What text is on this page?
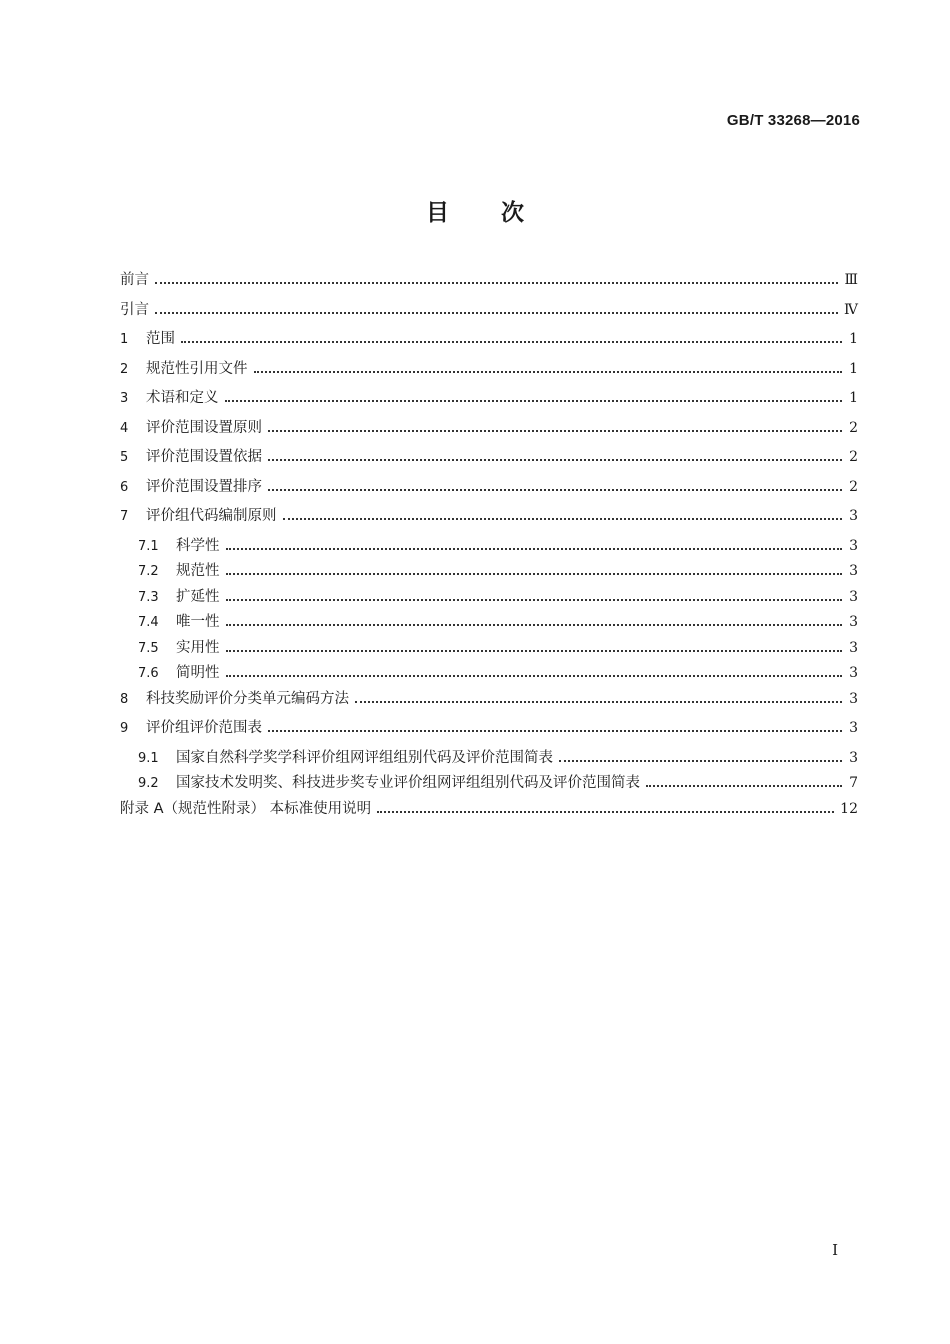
GB/T 33268—2016
目次
前言	Ⅲ
引言	Ⅳ
1	范围	1
2	规范性引用文件	1
3	术语和定义	1
4	评价范围设置原则	2
5	评价范围设置依据	2
6	评价范围设置排序	2
7	评价组代码编制原则	3
7.1	科学性	3
7.2	规范性	3
7.3	扩延性	3
7.4	唯一性	3
7.5	实用性	3
7.6	简明性	3
8	科技奖励评价分类单元编码方法	3
9	评价组评价范围表	3
9.1	国家自然科学奖学科评价组网评组组别代码及评价范围简表	3
9.2	国家技术发明奖、科技进步奖专业评价组网评组组别代码及评价范围简表	7
附录 A（规范性附录） 本标准使用说明	12
I
